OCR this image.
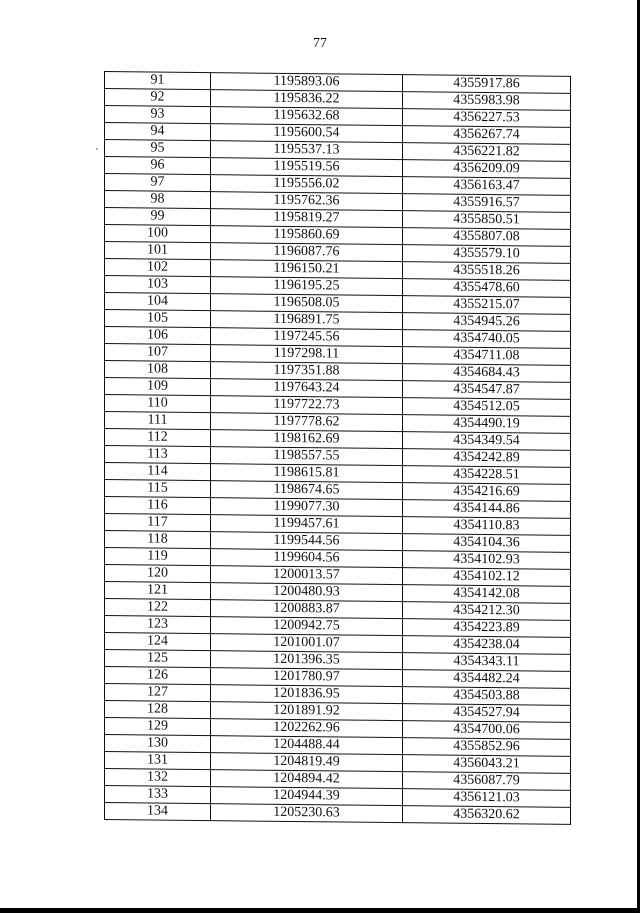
77
91	1195893.06	4355917.86
92	1195836.22	4355983.98
93	1195632.68	4356227.53
94	1195600.54	4356267.74
95	1195537.13	4356221.82
96	1195519.56	4356209.09
97	1195556.02	4356163.47
98	1195762.36	4355916.57
99	1195819.27	4355850.51
100	1195860.69	4355807.08
101	1196087.76	4355579.10
102	1196150.21	4355518.26
103	1196195.25	4355478.60
104	1196508.05	4355215.07
105	1196891.75	4354945.26
106	1197245.56	4354740.05
107	1197298.11	4354711.08
108	1197351.88	4354684.43
109	1197643.24	4354547.87
110	1197722.73	4354512.05
111	1197778.62	4354490.19
112	1198162.69	4354349.54
113	1198557.55	4354242.89
114	1198615.81	4354228.51
115	1198674.65	4354216.69
116	1199077.30	4354144.86
117	1199457.61	4354110.83
118	1199544.56	4354104.36
119	1199604.56	4354102.93
120	1200013.57	4354102.12
121	1200480.93	4354142.08
122	1200883.87	4354212.30
123	1200942.75	4354223.89
124	1201001.07	4354238.04
125	1201396.35	4354343.11
126	1201780.97	4354482.24
127	1201836.95	4354503.88
128	1201891.92	4354527.94
129	1202262.96	4354700.06
130	1204488.44	4355852.96
131	1204819.49	4356043.21
132	1204894.42	4356087.79
133	1204944.39	4356121.03
134	1205230.63	4356320.62
